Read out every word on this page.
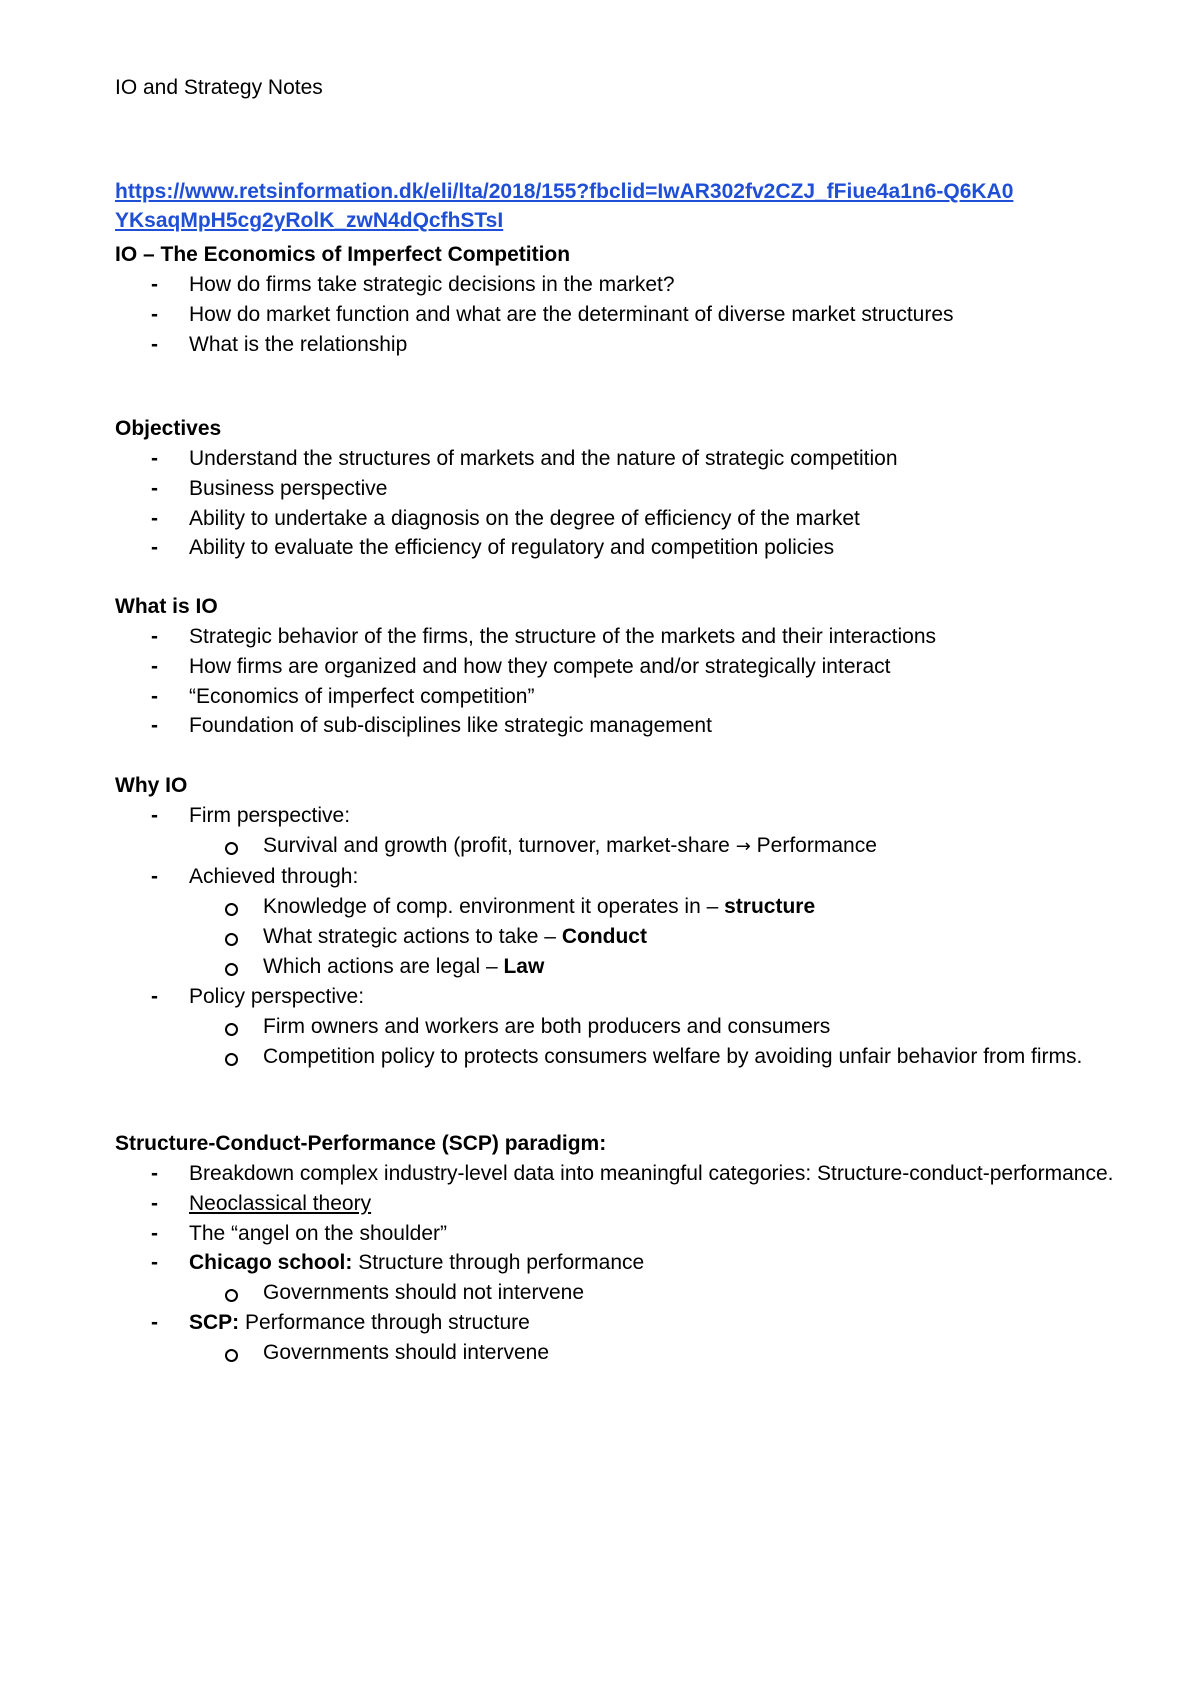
IO and Strategy Notes
https://www.retsinformation.dk/eli/lta/2018/155?fbclid=IwAR302fv2CZJ_fFiue4a1n6-Q6KA0YKsaqMpH5cg2yRolK_zwN4dQcfhSTsI

IO – The Economics of Imperfect Competition

- How do firms take strategic decisions in the market?
- How do market function and what are the determinant of diverse market structures
- What is the relationship

Objectives

- Understand the structures of markets and the nature of strategic competition
- Business perspective
- Ability to undertake a diagnosis on the degree of efficiency of the market
- Ability to evaluate the efficiency of regulatory and competition policies

What is IO

- Strategic behavior of the firms, the structure of the markets and their interactions
- How firms are organized and how they compete and/or strategically interact
- “Economics of imperfect competition”
- Foundation of sub-disciplines like strategic management

Why IO

- Firm perspective:
Survival and growth (profit, turnover, market-share → Performance
- Achieved through:
Knowledge of comp. environment it operates in – structure
What strategic actions to take – Conduct
Which actions are legal – Law
- Policy perspective:
Firm owners and workers are both producers and consumers
Competition policy to protects consumers welfare by avoiding unfair behavior from firms.

Structure-Conduct-Performance (SCP) paradigm:

- Breakdown complex industry-level data into meaningful categories: Structure-conduct-performance.
- Neoclassical theory
- The “angel on the shoulder”
- Chicago school: Structure through performance
Governments should not intervene
- SCP: Performance through structure
Governments should intervene
